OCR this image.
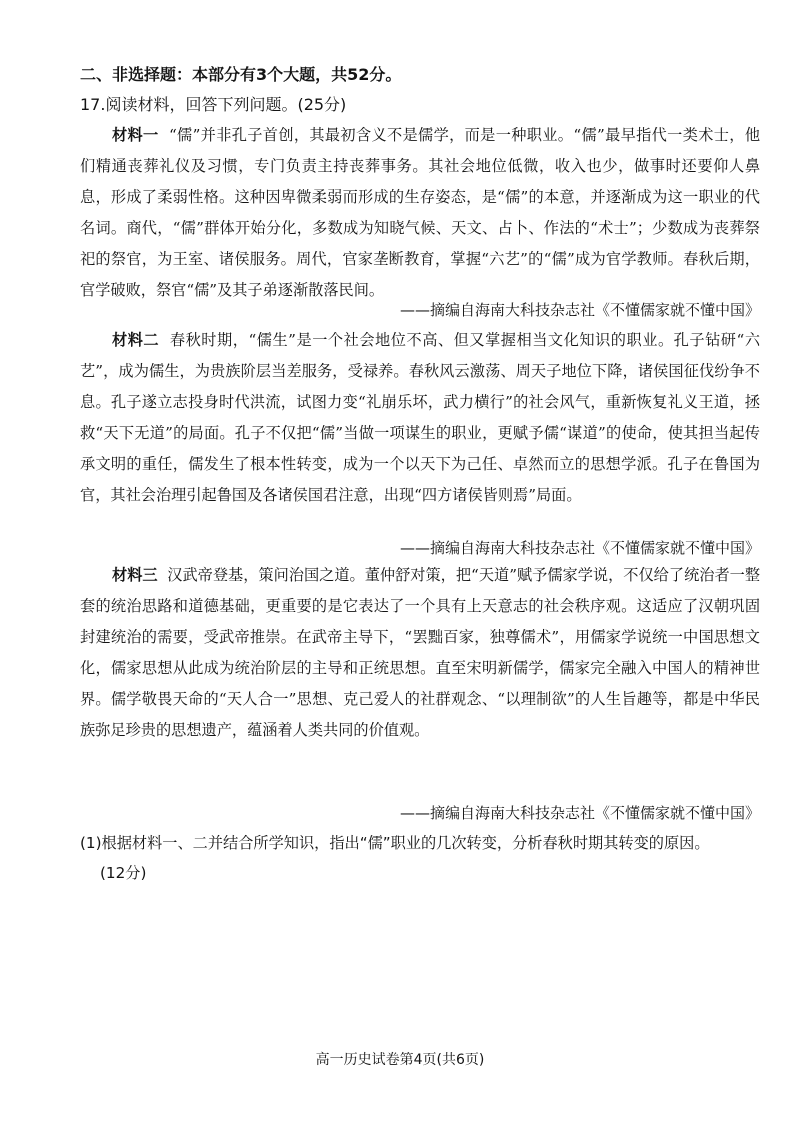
二、非选择题：本部分有3个大题，共52分。
17.阅读材料，回答下列问题。(25分)

材料一 “儒”并非孔子首创，其最初含义不是儒学，而是一种职业。“儒”最早指代一类术士，他们精通丧葬礼仪及习惯，专门负责主持丧葬事务。其社会地位低微，收入也少，做事时还要仰人鼻息，形成了柔弱性格。这种因卑微柔弱而形成的生存姿态，是“儒”的本意，并逐渐成为这一职业的代名词。商代，“儒”群体开始分化，多数成为知晓气候、天文、占卜、作法的“术士”；少数成为丧葬祭祀的祭官，为王室、诸侯服务。周代，官家垄断教育，掌握“六艺”的“儒”成为官学教师。春秋后期，官学破败，祭官“儒”及其子弟逐渐散落民间。

——摘编自海南大科技杂志社《不懂儒家就不懂中国》

材料二 春秋时期，“儒生”是一个社会地位不高、但又掌握相当文化知识的职业。孔子钻研“六艺”，成为儒生，为贵族阶层当差服务，受禄养。春秋风云激荡、周天子地位下降，诸侯国征伐纷争不息。孔子遂立志投身时代洪流，试图力变“礼崩乐坏，武力横行”的社会风气，重新恢复礼义王道，拯救“天下无道”的局面。孔子不仅把“儒”当做一项谋生的职业，更赋予儒“谋道”的使命，使其担当起传承文明的重任，儒发生了根本性转变，成为一个以天下为己任、卓然而立的思想学派。孔子在鲁国为官，其社会治理引起鲁国及各诸侯国君注意，出现“四方诸侯皆则焉”局面。

——摘编自海南大科技杂志社《不懂儒家就不懂中国》

材料三 汉武帝登基，策问治国之道。董仲舒对策，把“天道”赋予儒家学说，不仅给了统治者一整套的统治思路和道德基础，更重要的是它表达了一个具有上天意志的社会秩序观。这适应了汉朝巩固封建统治的需要，受武帝推崇。在武帝主导下，“罢黜百家，独尊儒术”，用儒家学说统一中国思想文化，儒家思想从此成为统治阶层的主导和正统思想。直至宋明新儒学，儒家完全融入中国人的精神世界。儒学敬畏天命的“天人合一”思想、克己爱人的社群观念、“以理制欲”的人生旨趣等，都是中华民族弥足珍贵的思想遗产，蕴涵着人类共同的价值观。

——摘编自海南大科技杂志社《不懂儒家就不懂中国》
(1)根据材料一、二并结合所学知识，指出“儒”职业的几次转变，分析春秋时期其转变的原因。
(12分)
高一历史试卷第4页(共6页)
